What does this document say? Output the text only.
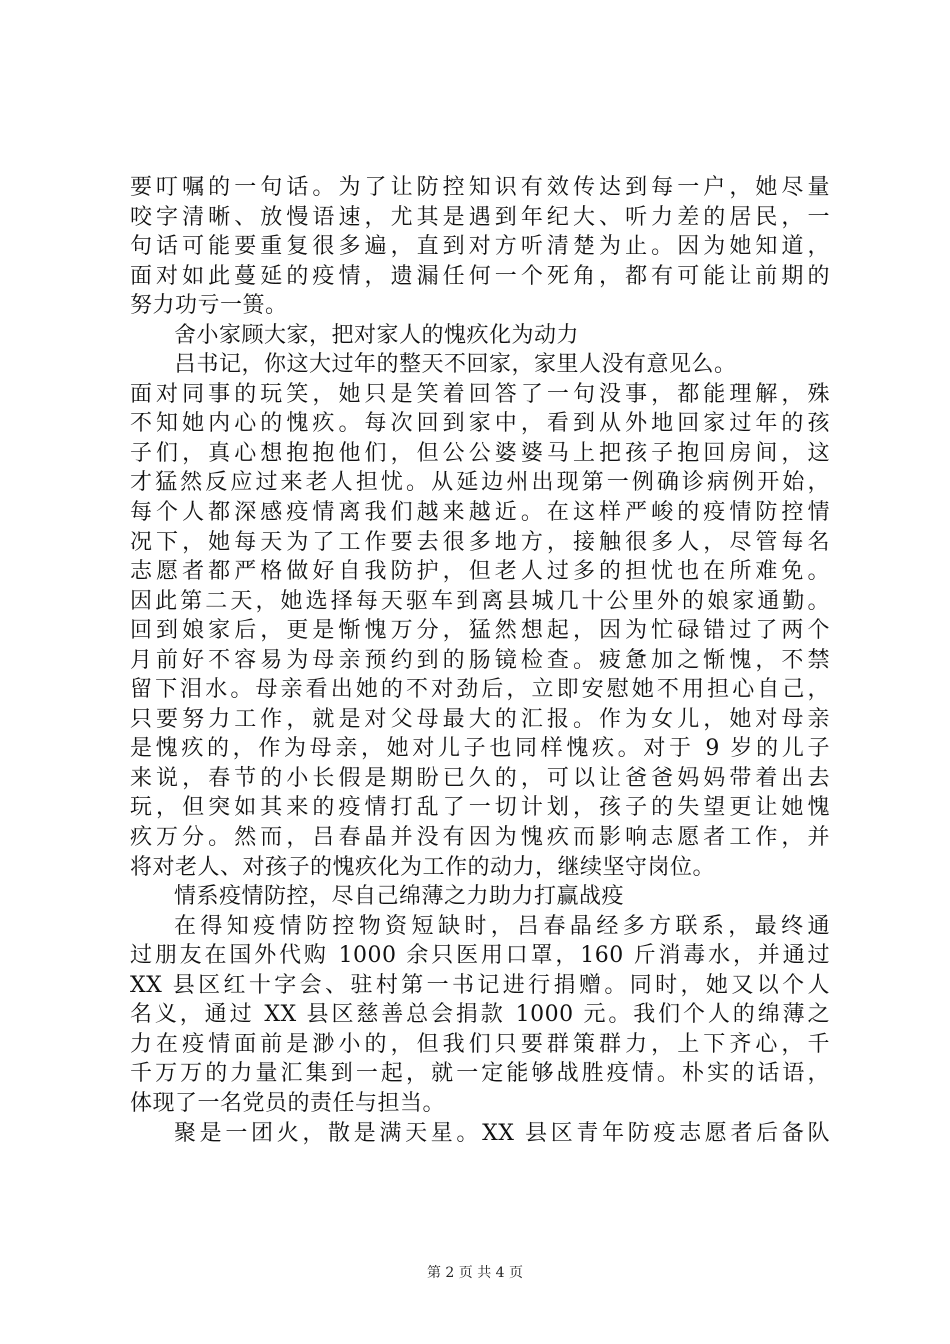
要叮嘱的一句话。为了让防控知识有效传达到每一户，她尽量
咬字清晰、放慢语速，尤其是遇到年纪大、听力差的居民，一
句话可能要重复很多遍，直到对方听清楚为止。因为她知道，
面对如此蔓延的疫情，遗漏任何一个死角，都有可能让前期的
努力功亏一篑。
舍小家顾大家，把对家人的愧疚化为动力
吕书记，你这大过年的整天不回家，家里人没有意见么。
面对同事的玩笑，她只是笑着回答了一句没事，都能理解，殊
不知她内心的愧疚。每次回到家中，看到从外地回家过年的孩
子们，真心想抱抱他们，但公公婆婆马上把孩子抱回房间，这
才猛然反应过来老人担忧。从延边州出现第一例确诊病例开始，
每个人都深感疫情离我们越来越近。在这样严峻的疫情防控情
况下，她每天为了工作要去很多地方，接触很多人，尽管每名
志愿者都严格做好自我防护，但老人过多的担忧也在所难免。
因此第二天，她选择每天驱车到离县城几十公里外的娘家通勤。
回到娘家后，更是惭愧万分，猛然想起，因为忙碌错过了两个
月前好不容易为母亲预约到的肠镜检查。疲惫加之惭愧，不禁
留下泪水。母亲看出她的不对劲后，立即安慰她不用担心自己，
只要努力工作，就是对父母最大的汇报。作为女儿，她对母亲
是愧疚的，作为母亲，她对儿子也同样愧疚。对于 9 岁的儿子
来说，春节的小长假是期盼已久的，可以让爸爸妈妈带着出去
玩，但突如其来的疫情打乱了一切计划，孩子的失望更让她愧
疚万分。然而，吕春晶并没有因为愧疚而影响志愿者工作，并
将对老人、对孩子的愧疚化为工作的动力，继续坚守岗位。
情系疫情防控，尽自己绵薄之力助力打赢战疫
在得知疫情防控物资短缺时，吕春晶经多方联系，最终通
过朋友在国外代购 1000 余只医用口罩，160 斤消毒水，并通过
XX 县区红十字会、驻村第一书记进行捐赠。同时，她又以个人
名义，通过 XX 县区慈善总会捐款 1000 元。我们个人的绵薄之
力在疫情面前是渺小的，但我们只要群策群力，上下齐心，千
千万万的力量汇集到一起，就一定能够战胜疫情。朴实的话语，
体现了一名党员的责任与担当。
聚是一团火，散是满天星。XX 县区青年防疫志愿者后备队
第 2 页 共 4 页
